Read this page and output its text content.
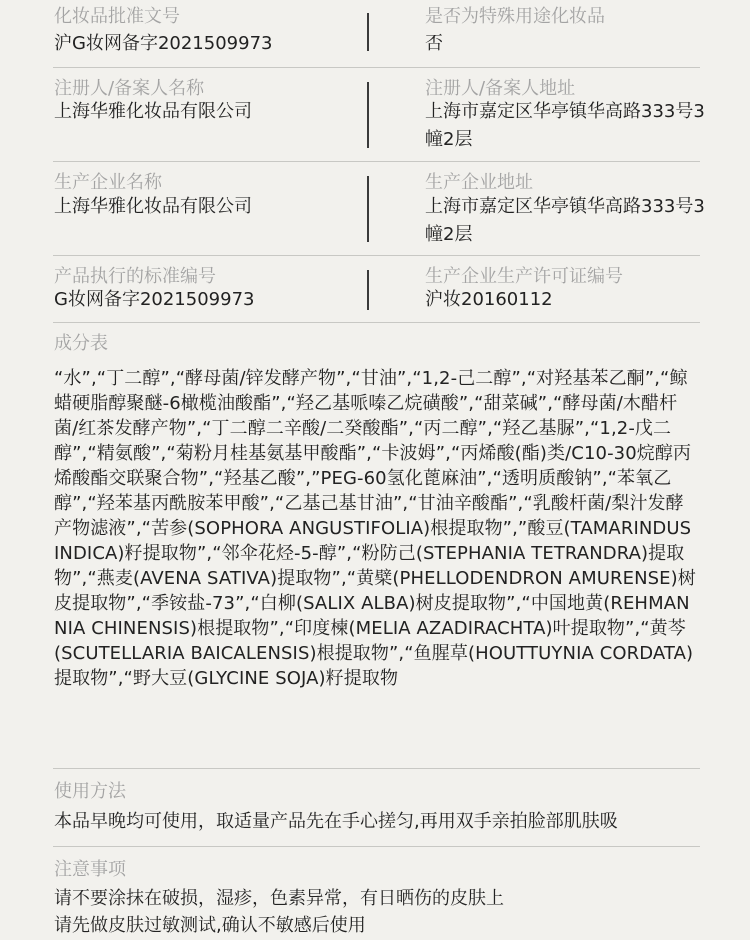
化妆品批准文号
沪G妆网备字2021509973
是否为特殊用途化妆品
否
注册人/备案人名称
上海华雅化妆品有限公司
注册人/备案人地址
上海市嘉定区华亭镇华高路333号3幢2层
生产企业名称
上海华雅化妆品有限公司
生产企业地址
上海市嘉定区华亭镇华高路333号3幢2层
产品执行的标准编号
G妆网备字2021509973
生产企业生产许可证编号
沪妆20160112
成分表
“水”,“丁二醇”,“酵母菌/锌发酵产物”,“甘油”,“1,2-己二醇”,“对羟基苯乙酮”,“鲸蜡硬脂醇聚醚-6橄榄油酸酯”,“羟乙基哌嗪乙烷磺酸”,“甜菜碱”,“酵母菌/木醋杆菌/红茶发酵产物”,“丁二醇二辛酸/二癸酸酯”,“丙二醇”,“羟乙基脲”,“1,2-戊二醇”,“精氨酸”,“菊粉月桂基氨基甲酸酯”,“卡波姆”,“丙烯酸(酯)类/C10-30烷醇丙烯酸酯交联聚合物”,“羟基乙酸”,”PEG-60氢化蓖麻油”,“透明质酸钠”,“苯氧乙醇”,“羟苯基丙酰胺苯甲酸”,“乙基己基甘油”,“甘油辛酸酯”,“乳酸杆菌/梨汁发酵产物滤液”,“苦参(SOPHORA ANGUSTIFOLIA)根提取物”,”酸豆(TAMARINDUS INDICA)籽提取物”,“邻伞花烃-5-醇”,“粉防己(STEPHANIA TETRANDRA)提取物”,“燕麦(AVENA SATIVA)提取物”,“黄檗(PHELLODENDRON AMURENSE)树皮提取物”,“季铵盐-73”,“白柳(SALIX ALBA)树皮提取物”,“中国地黄(REHMANNIA CHINENSIS)根提取物”,“印度楝(MELIA AZADIRACHTA)叶提取物”,“黄芩(SCUTELLARIA BAICALENSIS)根提取物”,“鱼腥草(HOUTTUYNIA CORDATA)提取物”,“野大豆(GLYCINE SOJA)籽提取物
使用方法
本品早晚均可使用，取适量产品先在手心搓匀,再用双手亲拍脸部肌肤吸
注意事项
请不要涂抹在破损，湿疹，色素异常，有日晒伤的皮肤上
请先做皮肤过敏测试,确认不敏感后使用
